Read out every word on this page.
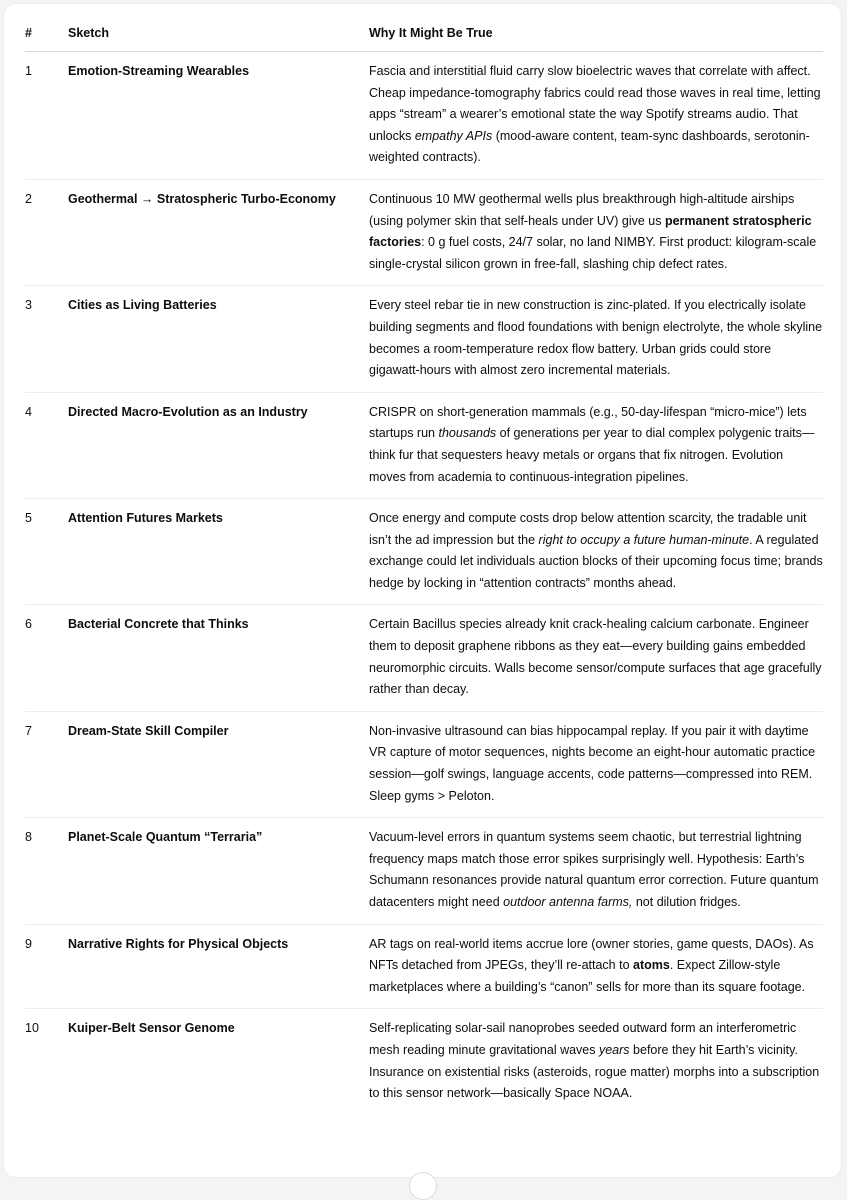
#	Sketch	Why It Might Be True
1	Emotion-Streaming Wearables	Fascia and interstitial fluid carry slow bioelectric waves that correlate with affect. Cheap impedance-tomography fabrics could read those waves in real time, letting apps “stream” a wearer’s emotional state the way Spotify streams audio. That unlocks empathy APIs (mood-aware content, team-sync dashboards, serotonin-weighted contracts).
2	Geothermal → Stratospheric Turbo-Economy	Continuous 10 MW geothermal wells plus breakthrough high-altitude airships (using polymer skin that self-heals under UV) give us permanent stratospheric factories: 0 g fuel costs, 24/7 solar, no land NIMBY. First product: kilogram-scale single-crystal silicon grown in free-fall, slashing chip defect rates.
3	Cities as Living Batteries	Every steel rebar tie in new construction is zinc-plated. If you electrically isolate building segments and flood foundations with benign electrolyte, the whole skyline becomes a room-temperature redox flow battery. Urban grids could store gigawatt-hours with almost zero incremental materials.
4	Directed Macro-Evolution as an Industry	CRISPR on short-generation mammals (e.g., 50-day-lifespan “micro-mice”) lets startups run thousands of generations per year to dial complex polygenic traits—think fur that sequesters heavy metals or organs that fix nitrogen. Evolution moves from academia to continuous-integration pipelines.
5	Attention Futures Markets	Once energy and compute costs drop below attention scarcity, the tradable unit isn’t the ad impression but the right to occupy a future human-minute. A regulated exchange could let individuals auction blocks of their upcoming focus time; brands hedge by locking in “attention contracts” months ahead.
6	Bacterial Concrete that Thinks	Certain Bacillus species already knit crack-healing calcium carbonate. Engineer them to deposit graphene ribbons as they eat—every building gains embedded neuromorphic circuits. Walls become sensor/compute surfaces that age gracefully rather than decay.
7	Dream-State Skill Compiler	Non-invasive ultrasound can bias hippocampal replay. If you pair it with daytime VR capture of motor sequences, nights become an eight-hour automatic practice session—golf swings, language accents, code patterns—compressed into REM. Sleep gyms > Peloton.
8	Planet-Scale Quantum “Terraria”	Vacuum-level errors in quantum systems seem chaotic, but terrestrial lightning frequency maps match those error spikes surprisingly well. Hypothesis: Earth’s Schumann resonances provide natural quantum error correction. Future quantum datacenters might need outdoor antenna farms, not dilution fridges.
9	Narrative Rights for Physical Objects	AR tags on real-world items accrue lore (owner stories, game quests, DAOs). As NFTs detached from JPEGs, they’ll re-attach to atoms. Expect Zillow-style marketplaces where a building’s “canon” sells for more than its square footage.
10	Kuiper-Belt Sensor Genome	Self-replicating solar-sail nanoprobes seeded outward form an interferometric mesh reading minute gravitational waves years before they hit Earth’s vicinity. Insurance on existential risks (asteroids, rogue matter) morphs into a subscription to this sensor network—basically Space NOAA.
